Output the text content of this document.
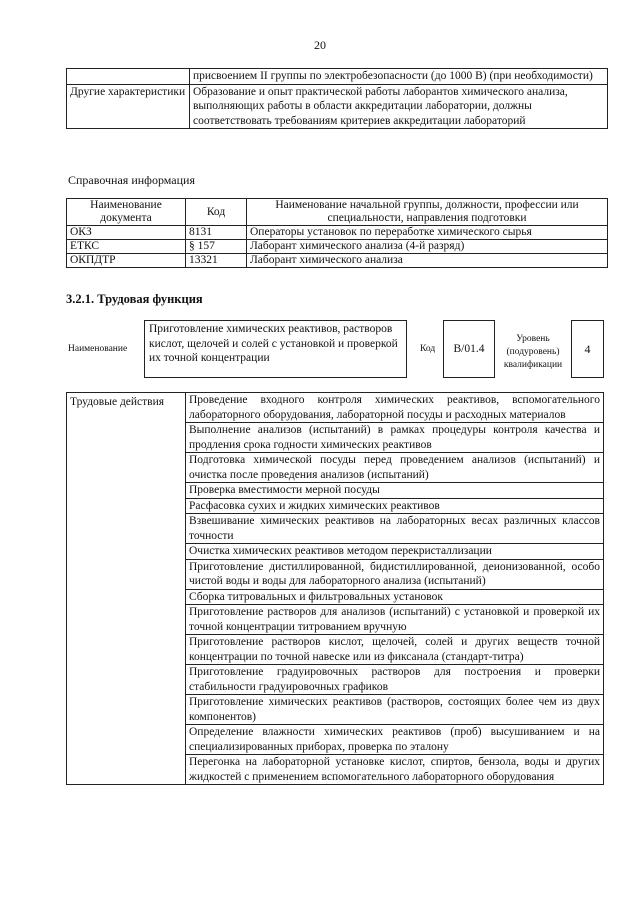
20
	присвоением II группы по электробезопасности (до 1000 В) (при необходимости)
Другие характеристики	Образование и опыт практической работы лаборантов химического анализа, выполняющих работы в области аккредитации лаборатории, должны соответствовать требованиям критериев аккредитации лабораторий
Справочная информация
Наименование документа	Код	Наименование начальной группы, должности, профессии или специальности, направления подготовки
ОКЗ	8131	Операторы установок по переработке химического сырья
ЕТКС	§ 157	Лаборант химического анализа (4-й разряд)
ОКПДТР	13321	Лаборант химического анализа
3.2.1. Трудовая функция
Наименование
Приготовление химических реактивов, растворов кислот, щелочей и солей с установкой и проверкой их точной концентрации
Код	В/01.4
Уровень (подуровень) квалификации
4
Трудовые действия	Проведение входного контроля химических реактивов, вспомогательного лабораторного оборудования, лабораторной посуды и расходных материалов
Выполнение анализов (испытаний) в рамках процедуры контроля качества и продления срока годности химических реактивов
Подготовка химической посуды перед проведением анализов (испытаний) и очистка после проведения анализов (испытаний)
Проверка вместимости мерной посуды
Расфасовка сухих и жидких химических реактивов
Взвешивание химических реактивов на лабораторных весах различных классов точности
Очистка химических реактивов методом перекристаллизации
Приготовление дистиллированной, бидистиллированной, деионизованной, особо чистой воды и воды для лабораторного анализа (испытаний)
Сборка титровальных и фильтровальных установок
Приготовление растворов для анализов (испытаний) с установкой и проверкой их точной концентрации титрованием вручную
Приготовление растворов кислот, щелочей, солей и других веществ точной концентрации по точной навеске или из фиксанала (стандарт-титра)
Приготовление градуировочных растворов для построения и проверки стабильности градуировочных графиков
Приготовление химических реактивов (растворов, состоящих более чем из двух компонентов)
Определение влажности химических реактивов (проб) высушиванием и на специализированных приборах, проверка по эталону
Перегонка на лабораторной установке кислот, спиртов, бензола, воды и других жидкостей с применением вспомогательного лабораторного оборудования
